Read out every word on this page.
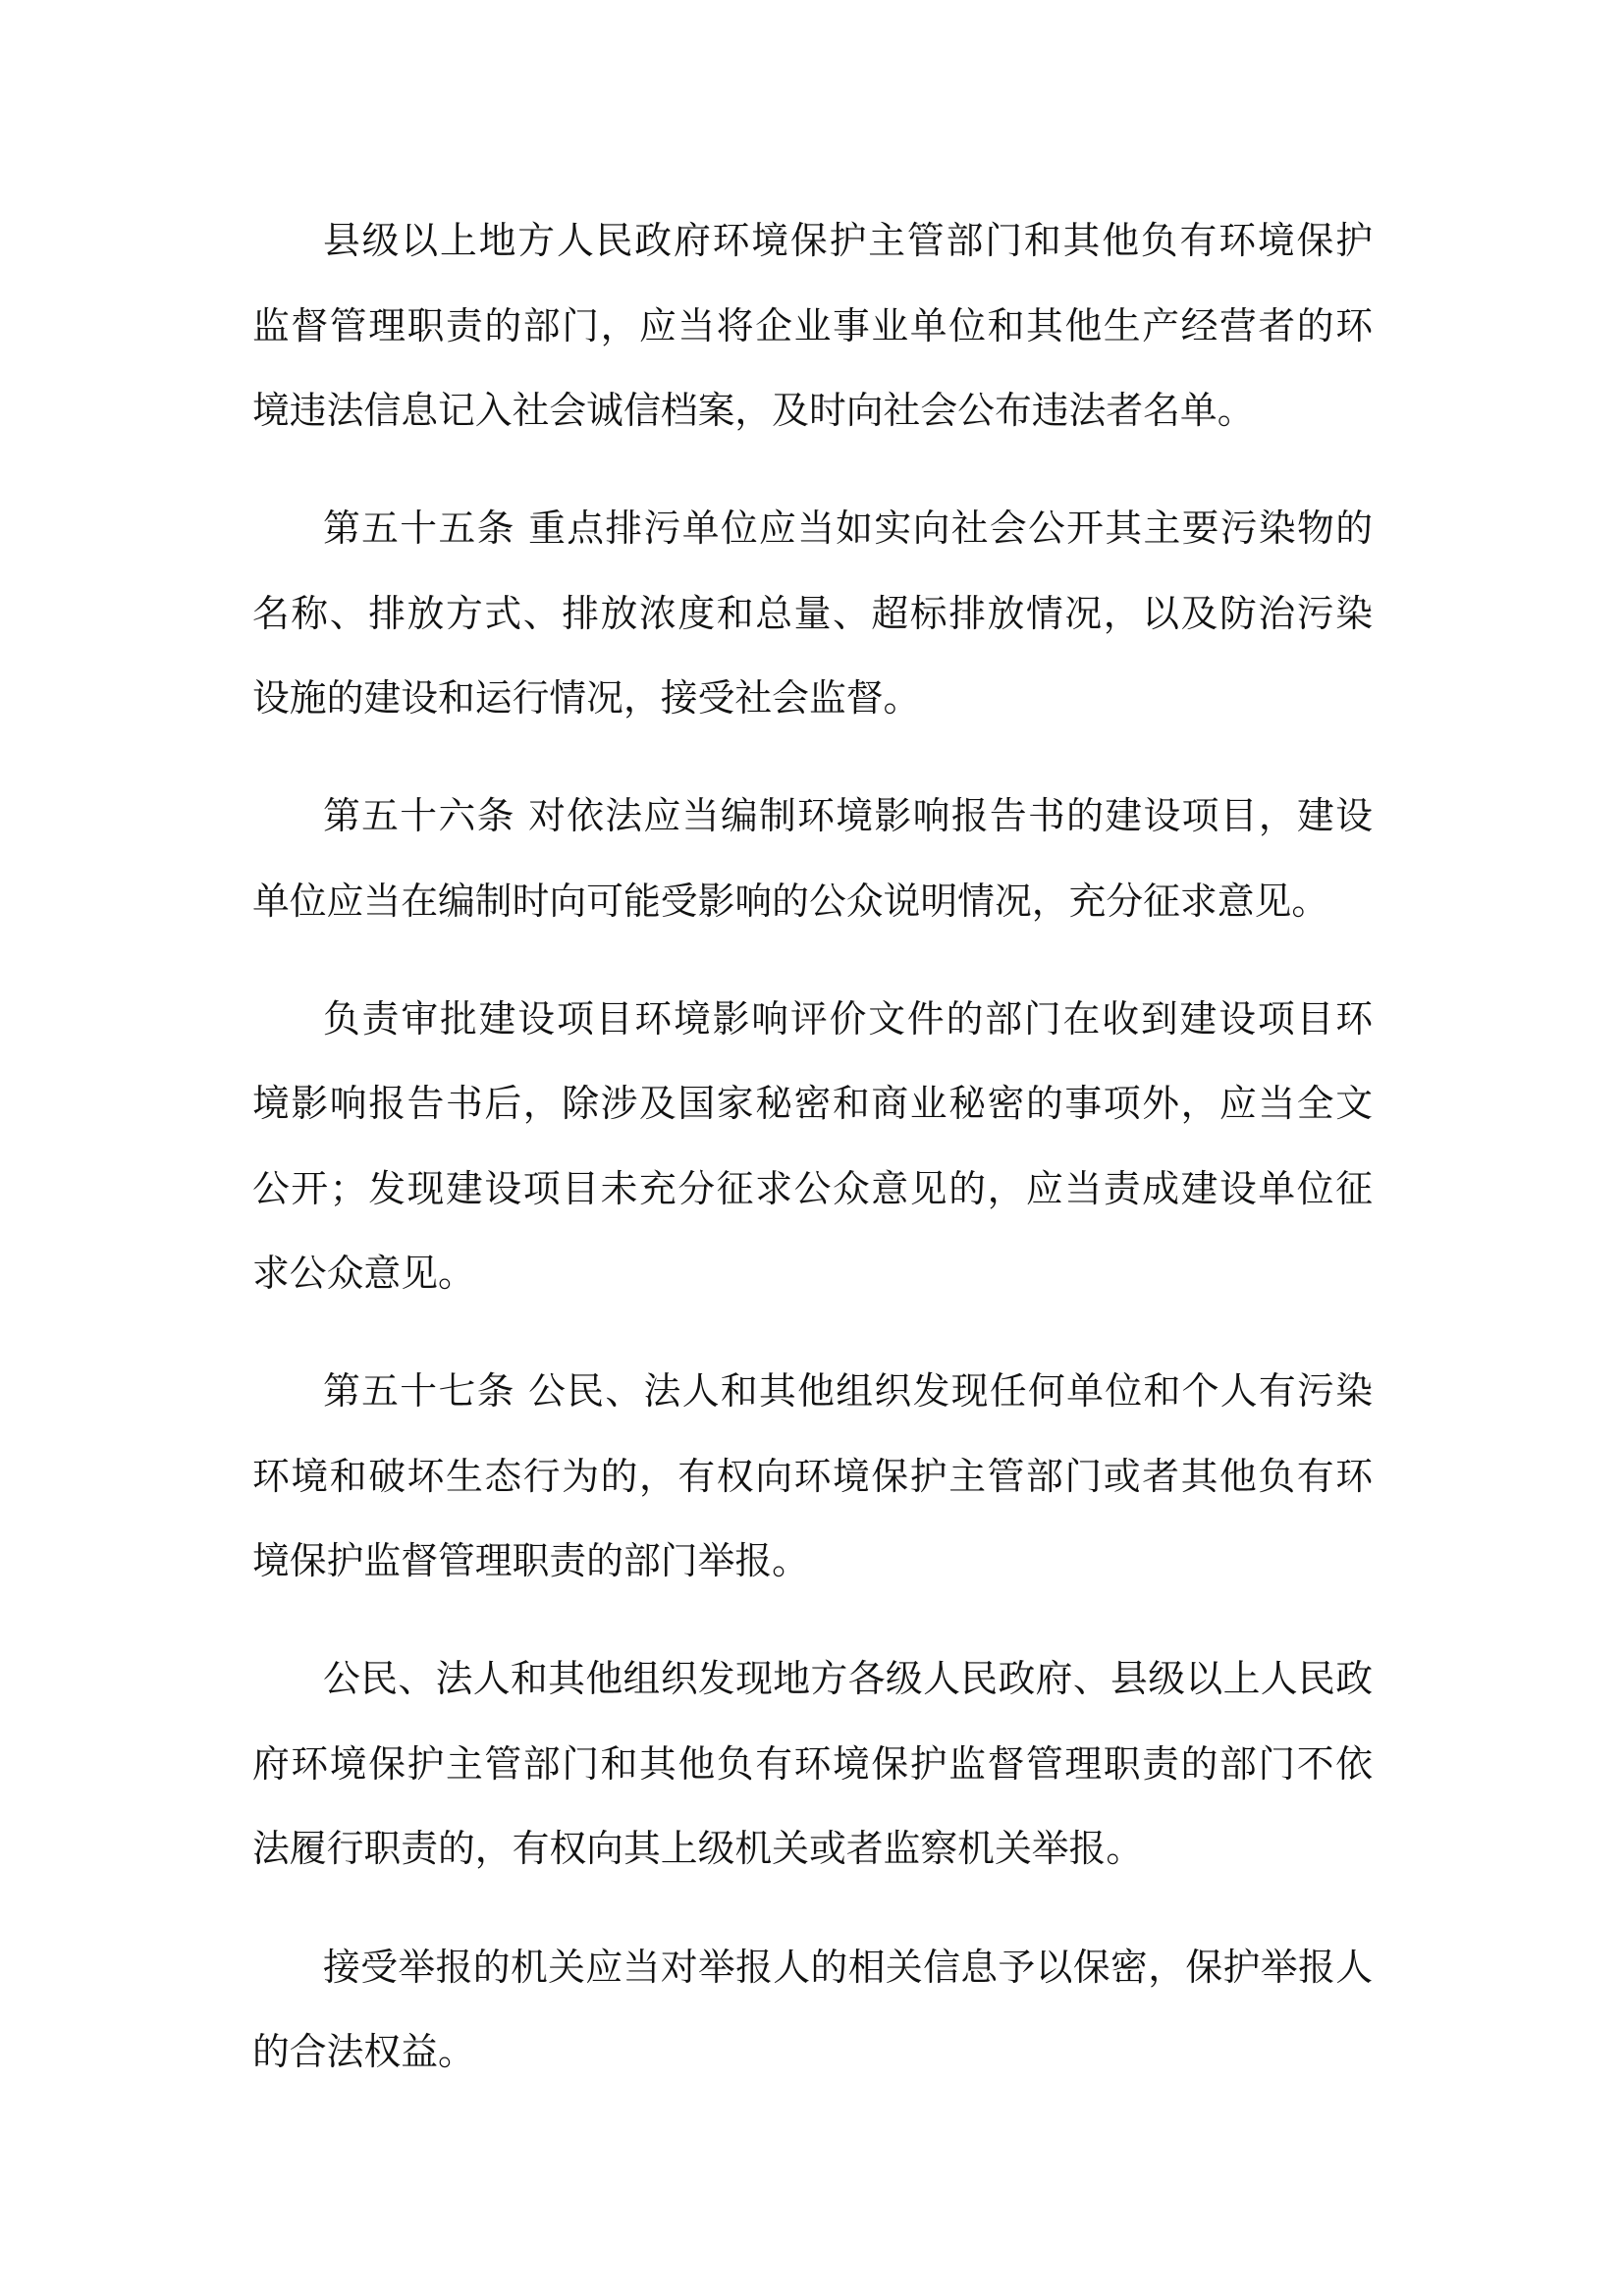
县级以上地方人民政府环境保护主管部门和其他负有环境保护
监督管理职责的部门，应当将企业事业单位和其他生产经营者的环
境违法信息记入社会诚信档案，及时向社会公布违法者名单。
第五十五条 重点排污单位应当如实向社会公开其主要污染物的
名称、排放方式、排放浓度和总量、超标排放情况，以及防治污染
设施的建设和运行情况，接受社会监督。
第五十六条 对依法应当编制环境影响报告书的建设项目，建设
单位应当在编制时向可能受影响的公众说明情况，充分征求意见。
负责审批建设项目环境影响评价文件的部门在收到建设项目环
境影响报告书后，除涉及国家秘密和商业秘密的事项外，应当全文
公开；发现建设项目未充分征求公众意见的，应当责成建设单位征
求公众意见。
第五十七条 公民、法人和其他组织发现任何单位和个人有污染
环境和破坏生态行为的，有权向环境保护主管部门或者其他负有环
境保护监督管理职责的部门举报。
公民、法人和其他组织发现地方各级人民政府、县级以上人民政
府环境保护主管部门和其他负有环境保护监督管理职责的部门不依
法履行职责的，有权向其上级机关或者监察机关举报。
接受举报的机关应当对举报人的相关信息予以保密，保护举报人
的合法权益。
